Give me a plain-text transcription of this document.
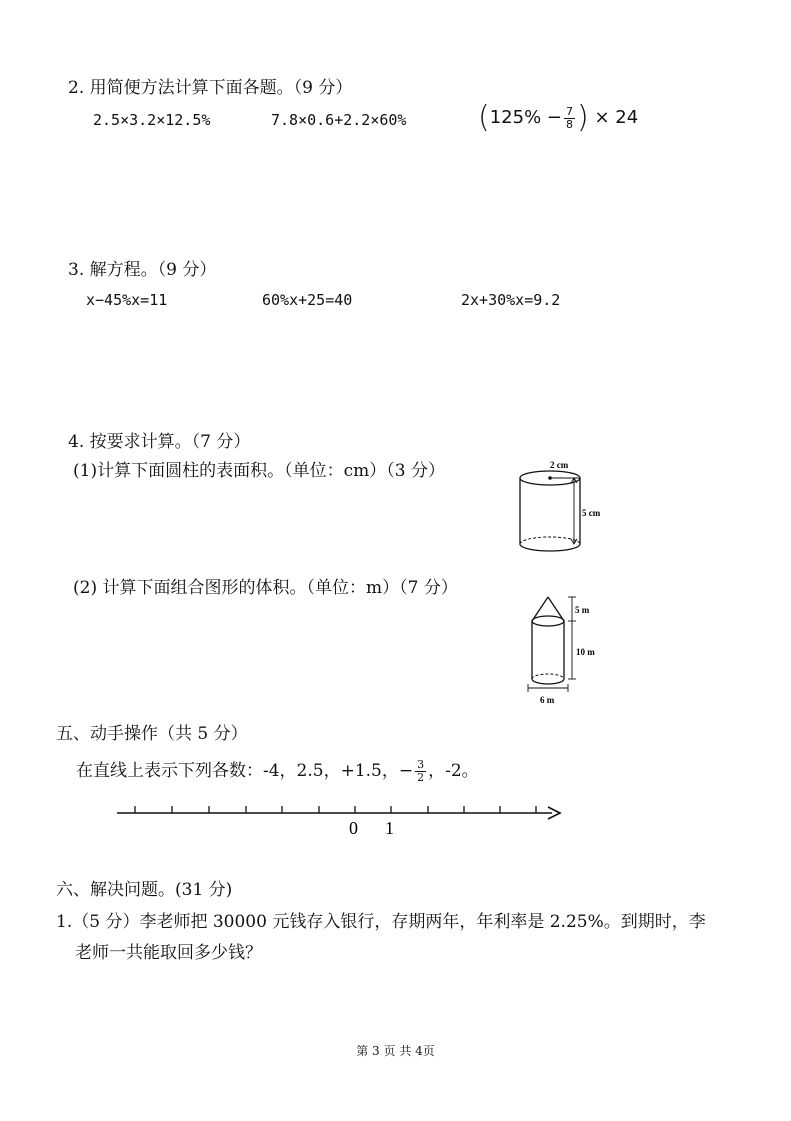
2. 用简便方法计算下面各题。（9 分）
2.5×3.2×12.5%	7.8×0.6+2.2×60% ($125\% - \frac{7}{8}$ ) × 24
3. 解方程。（9 分）
x−45%x=11	60%x+25=40	2x+30%x=9.2
4. 按要求计算。（7 分）
(1)计算下面圆柱的表面积。（单位：cm）（3 分）	2 cm
5 cm
(2) 计算下面组合图形的体积。（单位：m）（7 分）
5 m
10 m
6 m
五、动手操作（共 5 分）
在直线上表示下列各数：-4，2.5，+1.5，− $\frac{3}{2}$ ，-2。
0 1
六、解决问题。(31 分)
1.（5 分）李老师把 30000 元钱存入银行，存期两年，年利率是 2.25%。到期时，李
老师一共能取回多少钱？
第 3 页 共 4页
